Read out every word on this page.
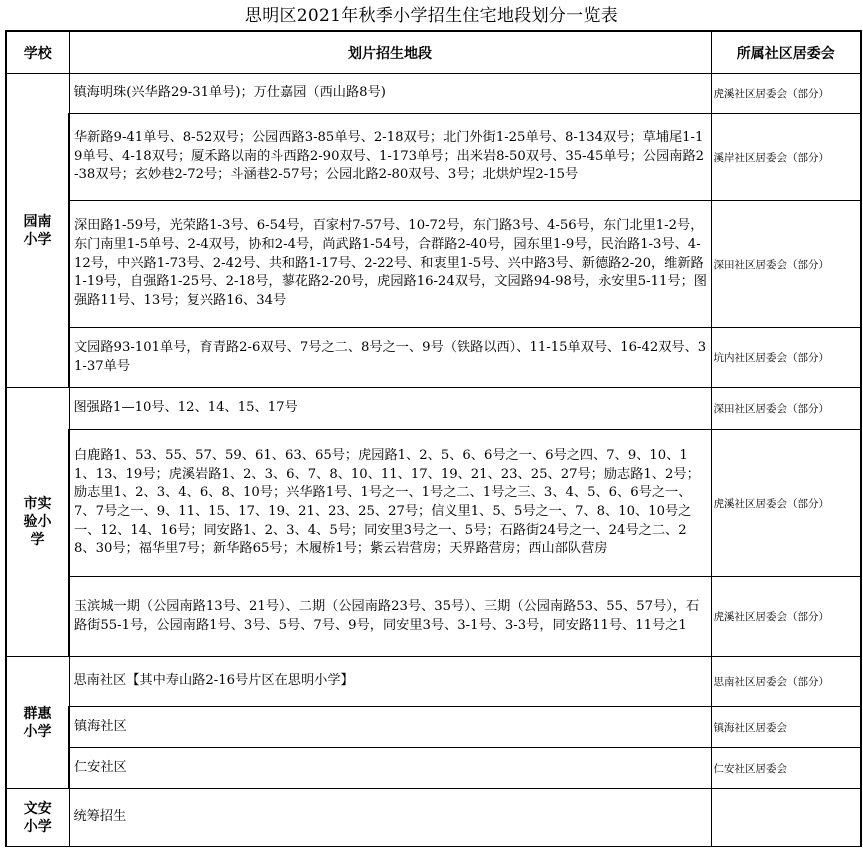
思明区2021年秋季小学招生住宅地段划分一览表
学校	划片招生地段	所属社区居委会
园南小学	镇海明珠(兴华路29-31单号)；万仕嘉园（西山路8号)	虎溪社区居委会（部分）
	华新路9-41单号、8-52双号；公园西路3-85单号、2-18双号；北门外街1-25单号、8-134双号；草埔尾1-19单号、4-18双号；厦禾路以南的斗西路2-90双号、1-173单号；出米岩8-50双号、35-45单号；公园南路2-38双号；玄妙巷2-72号；斗涵巷2-57号；公园北路2-80双号、3号；北烘炉埕2-15号	溪岸社区居委会（部分）
	深田路1-59号，光荣路1-3号、6-54号，百家村7-57号、10-72号，东门路3号、4-56号，东门北里1-2号，东门南里1-5单号、2-4双号，协和2-4号，尚武路1-54号，合群路2-40号，园东里1-9号，民治路1-3号、4-12号，中兴路1-73号、2-42号、共和路1-17号、2-22号、和衷里1-5号、兴中路3号、新德路2-20，维新路1-19号，自强路1-25号、2-18号，蓼花路2-20号，虎园路16-24双号，文园路94-98号，永安里5-11号；图强路11号、13号；复兴路16、34号	深田社区居委会（部分）
	文园路93-101单号，育青路2-6双号、7号之二、8号之一、9号（铁路以西）、11-15单双号、16-42双号、31-37单号	坑内社区居委会（部分）
市实验小学	图强路1—10号、12、14、15、17号	深田社区居委会（部分）
	白鹿路1、53、55、57、59、61、63、65号；虎园路1、2、5、6、6号之一、6号之四、7、9、10、11、13、19号；虎溪岩路1、2、3、6、7、8、10、11、17、19、21、23、25、27号；励志路1、2号；励志里1、2、3、4、6、8、10号；兴华路1号、1号之一、1号之二、1号之三、3、4、5、6、6号之一、7、7号之一、9、11、15、17、19、21、23、25、27号；信义里1、5、5号之一、7、8、10、10号之一、12、14、16号；同安路1、2、3、4、5号；同安里3号之一、5号；石路街24号之一、24号之二、28、30号；福华里7号；新华路65号；木履桥1号；紫云岩营房；天界路营房；西山部队营房	虎溪社区居委会（部分）
	玉滨城一期（公园南路13号、21号）、二期（公园南路23号、35号）、三期（公园南路53、55、57号），石路街55-1号，公园南路1号、3号、5号、7号、9号，同安里3号、3-1号、3-3号，同安路11号、11号之1	虎溪社区居委会（部分）
群惠小学	思南社区【其中寿山路2-16号片区在思明小学】	思南社区居委会（部分）
	镇海社区	镇海社区居委会
	仁安社区	仁安社区居委会
文安小学	统筹招生	
